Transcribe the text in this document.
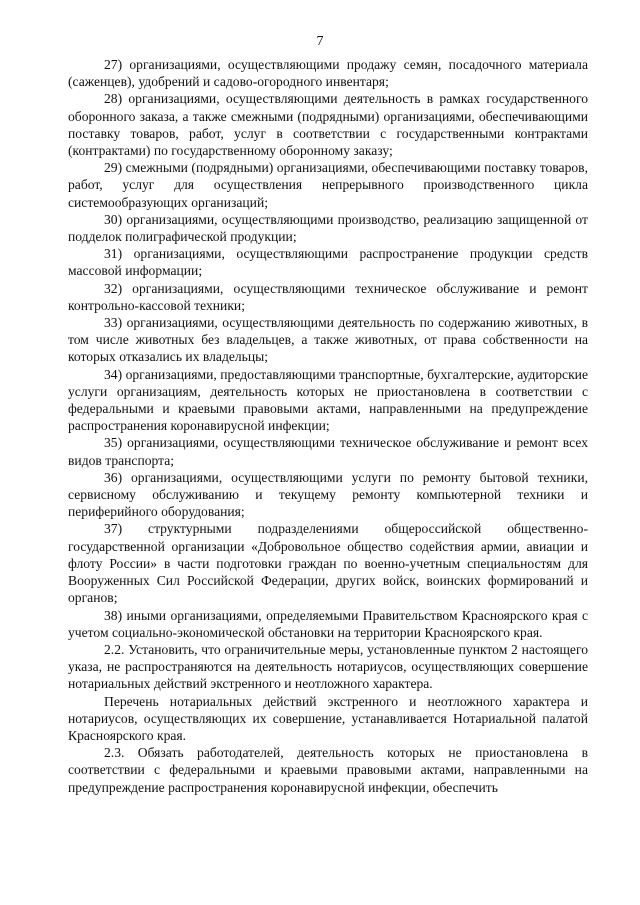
7

27) организациями, осуществляющими продажу семян, посадочного материала (саженцев), удобрений и садово-огородного инвентаря;

28) организациями, осуществляющими деятельность в рамках государственного оборонного заказа, а также смежными (подрядными) организациями, обеспечивающими поставку товаров, работ, услуг в соответствии с государственными контрактами (контрактами) по государственному оборонному заказу;

29) смежными (подрядными) организациями, обеспечивающими поставку товаров, работ, услуг для осуществления непрерывного производственного цикла системообразующих организаций;

30) организациями, осуществляющими производство, реализацию защищенной от подделок полиграфической продукции;

31) организациями, осуществляющими распространение продукции средств массовой информации;

32) организациями, осуществляющими техническое обслуживание и ремонт контрольно-кассовой техники;

33) организациями, осуществляющими деятельность по содержанию животных, в том числе животных без владельцев, а также животных, от права собственности на которых отказались их владельцы;

34) организациями, предоставляющими транспортные, бухгалтерские, аудиторские услуги организациям, деятельность которых не приостановлена в соответствии с федеральными и краевыми правовыми актами, направленными на предупреждение распространения коронавирусной инфекции;

35) организациями, осуществляющими техническое обслуживание и ремонт всех видов транспорта;

36) организациями, осуществляющими услуги по ремонту бытовой техники, сервисному обслуживанию и текущему ремонту компьютерной техники и периферийного оборудования;

37) структурными подразделениями общероссийской общественно-государственной организации «Добровольное общество содействия армии, авиации и флоту России» в части подготовки граждан по военно-учетным специальностям для Вооруженных Сил Российской Федерации, других войск, воинских формирований и органов;

38) иными организациями, определяемыми Правительством Красноярского края с учетом социально-экономической обстановки на территории Красноярского края.

2.2. Установить, что ограничительные меры, установленные пунктом 2 настоящего указа, не распространяются на деятельность нотариусов, осуществляющих совершение нотариальных действий экстренного и неотложного характера.

Перечень нотариальных действий экстренного и неотложного характера и нотариусов, осуществляющих их совершение, устанавливается Нотариальной палатой Красноярского края.

2.3. Обязать работодателей, деятельность которых не приостановлена в соответствии с федеральными и краевыми правовыми актами, направленными на предупреждение распространения коронавирусной инфекции, обеспечить
